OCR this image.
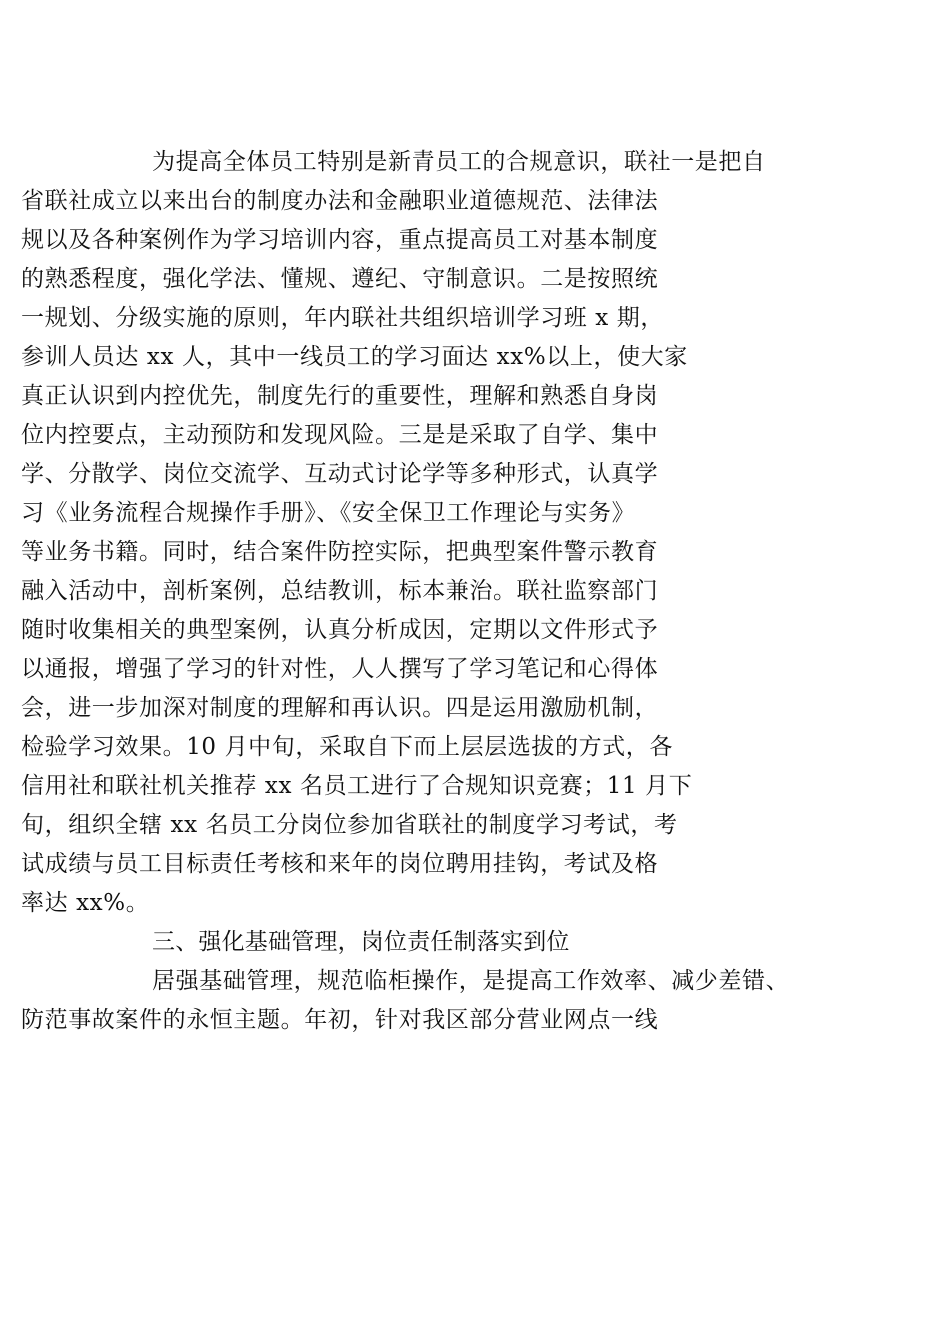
为提高全体员工特别是新青员工的合规意识，联社一是把自
省联社成立以来出台的制度办法和金融职业道德规范、法律法
规以及各种案例作为学习培训内容，重点提高员工对基本制度
的熟悉程度，强化学法、懂规、遵纪、守制意识。二是按照统
一规划、分级实施的原则，年内联社共组织培训学习班 x 期，
参训人员达 xx 人，其中一线员工的学习面达 xx%以上，使大家
真正认识到内控优先，制度先行的重要性，理解和熟悉自身岗
位内控要点，主动预防和发现风险。三是是采取了自学、集中
学、分散学、岗位交流学、互动式讨论学等多种形式，认真学
习《业务流程合规操作手册》、《安全保卫工作理论与实务》
等业务书籍。同时，结合案件防控实际，把典型案件警示教育
融入活动中，剖析案例，总结教训，标本兼治。联社监察部门
随时收集相关的典型案例，认真分析成因，定期以文件形式予
以通报，增强了学习的针对性，人人撰写了学习笔记和心得体
会，进一步加深对制度的理解和再认识。四是运用激励机制，
检验学习效果。10 月中旬，采取自下而上层层选拔的方式，各
信用社和联社机关推荐 xx 名员工进行了合规知识竞赛；11 月下
旬，组织全辖 xx 名员工分岗位参加省联社的制度学习考试，考
试成绩与员工目标责任考核和来年的岗位聘用挂钩，考试及格
率达 xx%。
三、强化基础管理，岗位责任制落实到位
居强基础管理，规范临柜操作，是提高工作效率、减少差错、
防范事故案件的永恒主题。年初，针对我区部分营业网点一线
